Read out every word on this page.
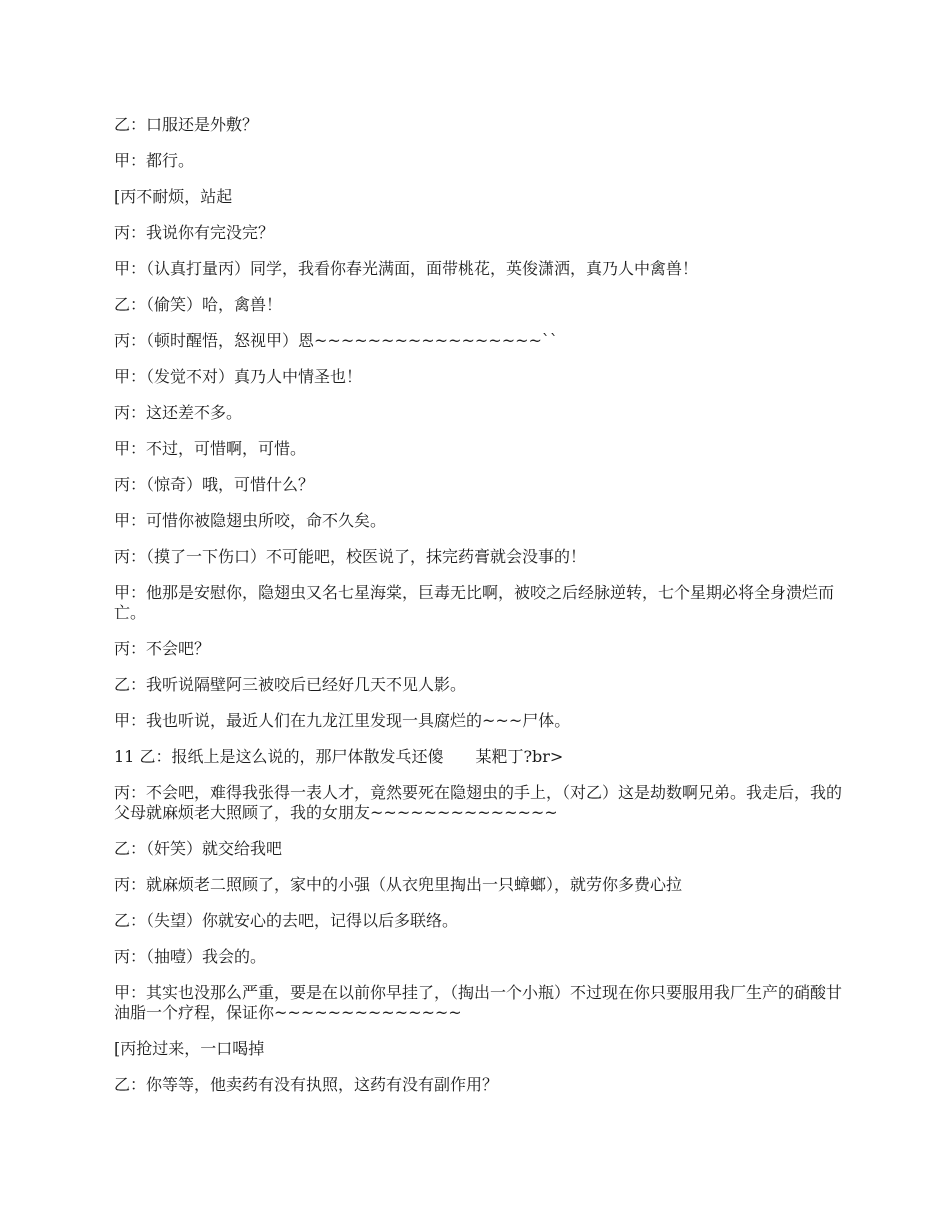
乙：口服还是外敷？

甲：都行。

[丙不耐烦，站起

丙：我说你有完没完？

甲：（认真打量丙）同学，我看你春光满面，面带桃花，英俊潇洒，真乃人中禽兽！

乙：（偷笑）哈，禽兽！

丙：（顿时醒悟，怒视甲）恩~~~~~~~~~~~~~~~~~``

甲：（发觉不对）真乃人中情圣也！

丙：这还差不多。

甲：不过，可惜啊，可惜。

丙：（惊奇）哦，可惜什么？

甲：可惜你被隐翅虫所咬，命不久矣。

丙：（摸了一下伤口）不可能吧，校医说了，抹完药膏就会没事的！

甲：他那是安慰你，隐翅虫又名七星海棠，巨毒无比啊，被咬之后经脉逆转，七个星期必将全身溃烂而亡。

丙：不会吧？

乙：我听说隔壁阿三被咬后已经好几天不见人影。

甲：我也听说，最近人们在九龙江里发现一具腐烂的~~~尸体。

11 乙：报纸上是这么说的，那尸体散发乓还傻　　某粑丁?br>

丙：不会吧，难得我张得一表人才，竟然要死在隐翅虫的手上，（对乙）这是劫数啊兄弟。我走后，我的父母就麻烦老大照顾了，我的女朋友~~~~~~~~~~~~~~

乙：（奸笑）就交给我吧

丙：就麻烦老二照顾了，家中的小强（从衣兜里掏出一只蟑螂），就劳你多费心拉

乙：（失望）你就安心的去吧，记得以后多联络。

丙：（抽噎）我会的。

甲：其实也没那么严重，要是在以前你早挂了，（掏出一个小瓶）不过现在你只要服用我厂生产的硝酸甘油脂一个疗程，保证你~~~~~~~~~~~~~~

[丙抢过来，一口喝掉

乙：你等等，他卖药有没有执照，这药有没有副作用？
